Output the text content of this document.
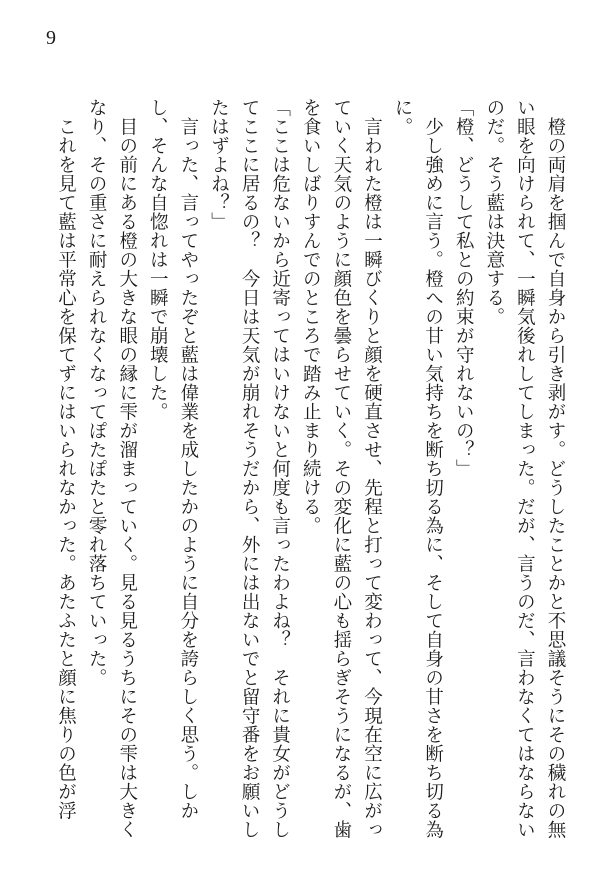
9

橙の両肩を掴んで自身から引き剥がす。どうしたことかと不思議そうにその穢れの無い眼を向けられて、一瞬気後れしてしまった。だが、言うのだ、言わなくてはならないのだ。そう藍は決意する。

「橙、どうして私との約束が守れないの？」

少し強めに言う。橙への甘い気持ちを断ち切る為に、そして自身の甘さを断ち切る為に。

言われた橙は一瞬びくりと顔を硬直させ、先程と打って変わって、今現在空に広がっていく天気のように顔色を曇らせていく。その変化に藍の心も揺らぎそうになるが、歯を食いしばりすんでのところで踏み止まり続ける。

「ここは危ないから近寄ってはいけないと何度も言ったわよね？　それに貴女がどうしてここに居るの？　今日は天気が崩れそうだから、外には出ないでと留守番をお願いしたはずよね？」

言った、言ってやったぞと藍は偉業を成したかのように自分を誇らしく思う。しかし、そんな自惚れは一瞬で崩壊した。

目の前にある橙の大きな眼の縁に雫が溜まっていく。見る見るうちにその雫は大きくなり、その重さに耐えられなくなってぽたぽたと零れ落ちていった。

これを見て藍は平常心を保てずにはいられなかった。あたふたと顔に焦りの色が浮
